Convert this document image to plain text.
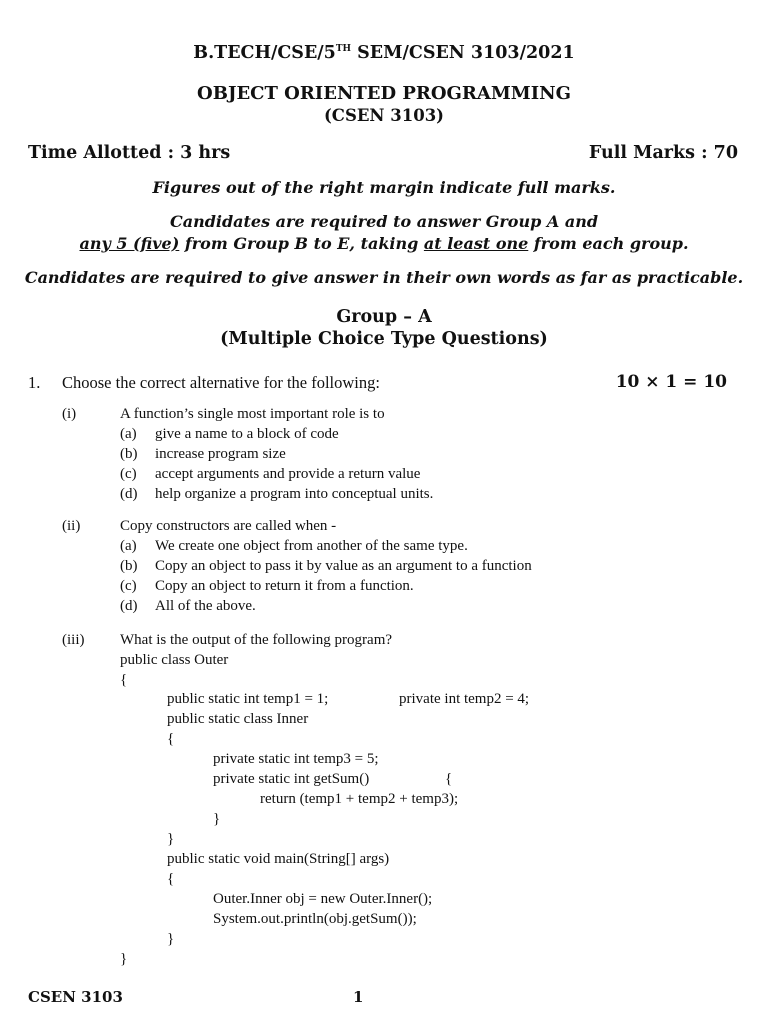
B.TECH/CSE/5TH SEM/CSEN 3103/2021
OBJECT ORIENTED PROGRAMMING
(CSEN 3103)
Time Allotted : 3 hrs	Full Marks : 70
Figures out of the right margin indicate full marks.
Candidates are required to answer Group A and
any 5 (five) from Group B to E, taking at least one from each group.
Candidates are required to give answer in their own words as far as practicable.
Group – A
(Multiple Choice Type Questions)
1. Choose the correct alternative for the following:	10 × 1 = 10
(i)	A function’s single most important role is to
(a) give a name to a block of code
(b) increase program size
(c) accept arguments and provide a return value
(d) help organize a program into conceptual units.
(ii)	Copy constructors are called when -
(a) We create one object from another of the same type.
(b) Copy an object to pass it by value as an argument to a function
(c) Copy an object to return it from a function.
(d) All of the above.
(iii) What is the output of the following program?
public class Outer
{
public static int temp1 = 1;	private int temp2 = 4;
public static class Inner
{
private static int temp3 = 5;
private static int getSum()	{
return (temp1 + temp2 + temp3);
}
}
public static void main(String[] args)
{
Outer.Inner obj = new Outer.Inner();
System.out.println(obj.getSum());
}
}
CSEN 3103	1
